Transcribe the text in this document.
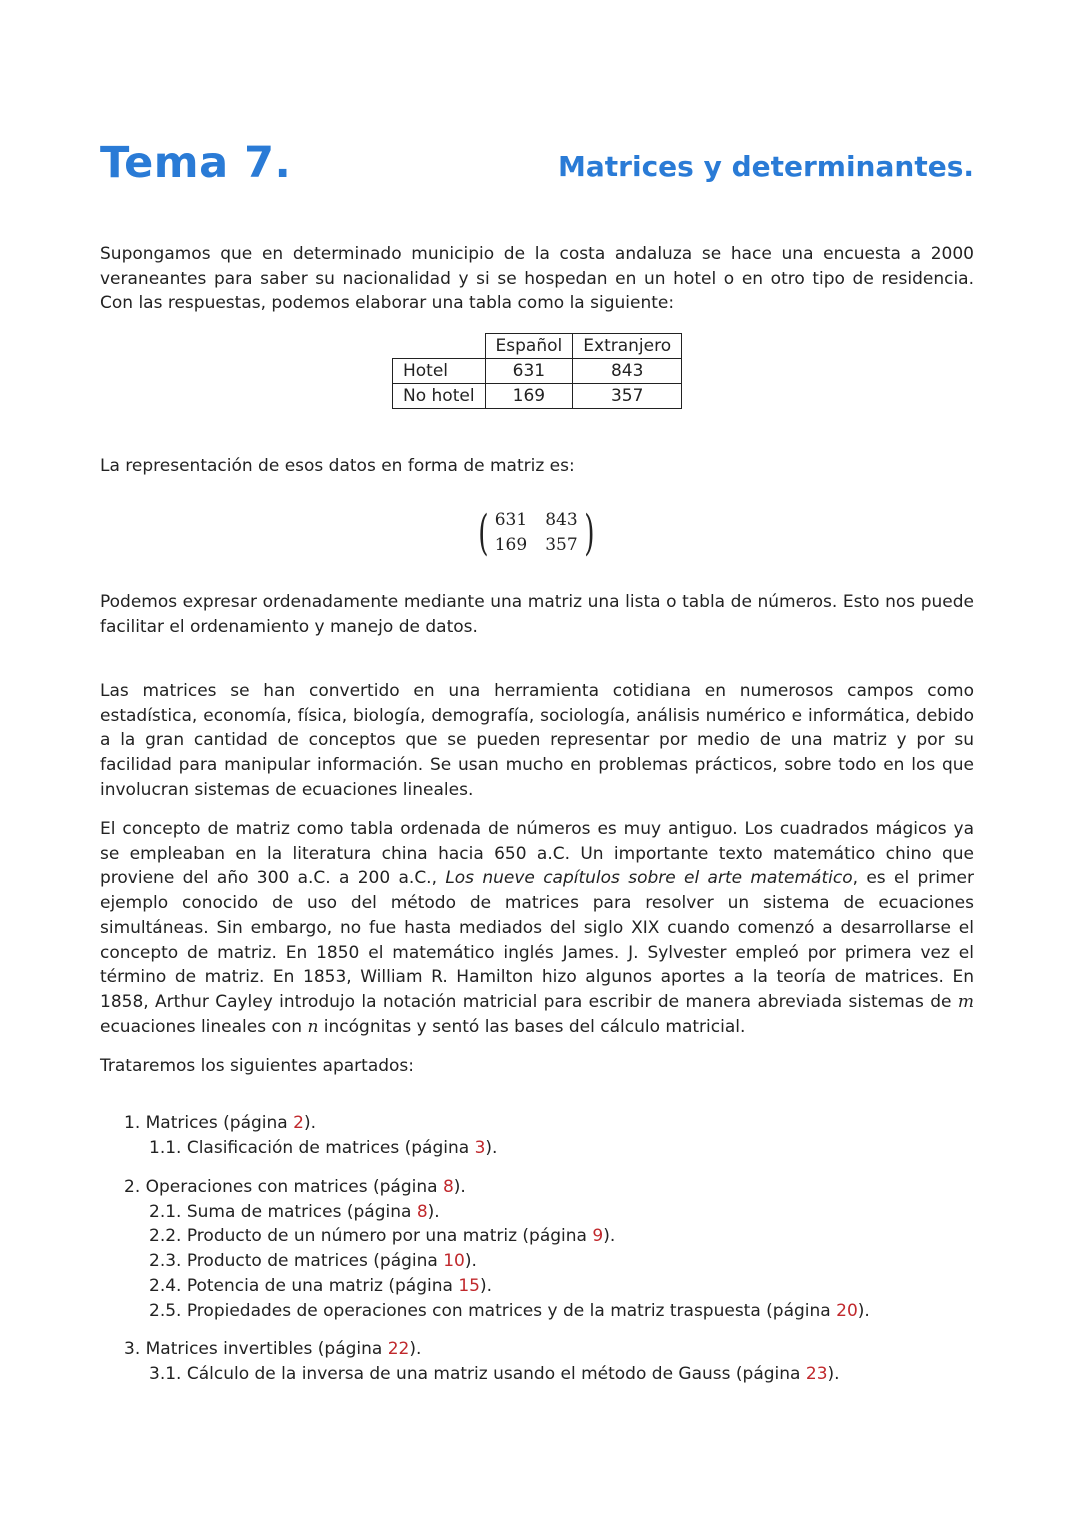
Tema 7.	Matrices y determinantes.

Supongamos que en determinado municipio de la costa andaluza se hace una encuesta a 2000 veraneantes para saber su nacionalidad y si se hospedan en un hotel o en otro tipo de residencia. Con las respuestas, podemos elaborar una tabla como la siguiente:

	Español	Extranjero
Hotel	631	843
No hotel	169	357

La representación de esos datos en forma de matriz es:

( 631 843
169 357 )

Podemos expresar ordenadamente mediante una matriz una lista o tabla de números. Esto nos puede facilitar el ordenamiento y manejo de datos.

Las matrices se han convertido en una herramienta cotidiana en numerosos campos como estadística, economía, física, biología, demografía, sociología, análisis numérico e informática, debido a la gran cantidad de conceptos que se pueden representar por medio de una matriz y por su facilidad para manipular información. Se usan mucho en problemas prácticos, sobre todo en los que involucran sistemas de ecuaciones lineales.

El concepto de matriz como tabla ordenada de números es muy antiguo. Los cuadrados mágicos ya se empleaban en la literatura china hacia 650 a.C. Un importante texto matemático chino que proviene del año 300 a.C. a 200 a.C., Los nueve capítulos sobre el arte matemático, es el primer ejemplo conocido de uso del método de matrices para resolver un sistema de ecuaciones simultáneas. Sin embargo, no fue hasta mediados del siglo XIX cuando comenzó a desarrollarse el concepto de matriz. En 1850 el matemático inglés James. J. Sylvester empleó por primera vez el término de matriz. En 1853, William R. Hamilton hizo algunos aportes a la teoría de matrices. En 1858, Arthur Cayley introdujo la notación matricial para escribir de manera abreviada sistemas de m ecuaciones lineales con n incógnitas y sentó las bases del cálculo matricial.

Trataremos los siguientes apartados:

1. Matrices (página 2).
1.1. Clasificación de matrices (página 3).
2. Operaciones con matrices (página 8).
2.1. Suma de matrices (página 8).
2.2. Producto de un número por una matriz (página 9).
2.3. Producto de matrices (página 10).
2.4. Potencia de una matriz (página 15).
2.5. Propiedades de operaciones con matrices y de la matriz traspuesta (página 20).
3. Matrices invertibles (página 22).
3.1. Cálculo de la inversa de una matriz usando el método de Gauss (página 23).
